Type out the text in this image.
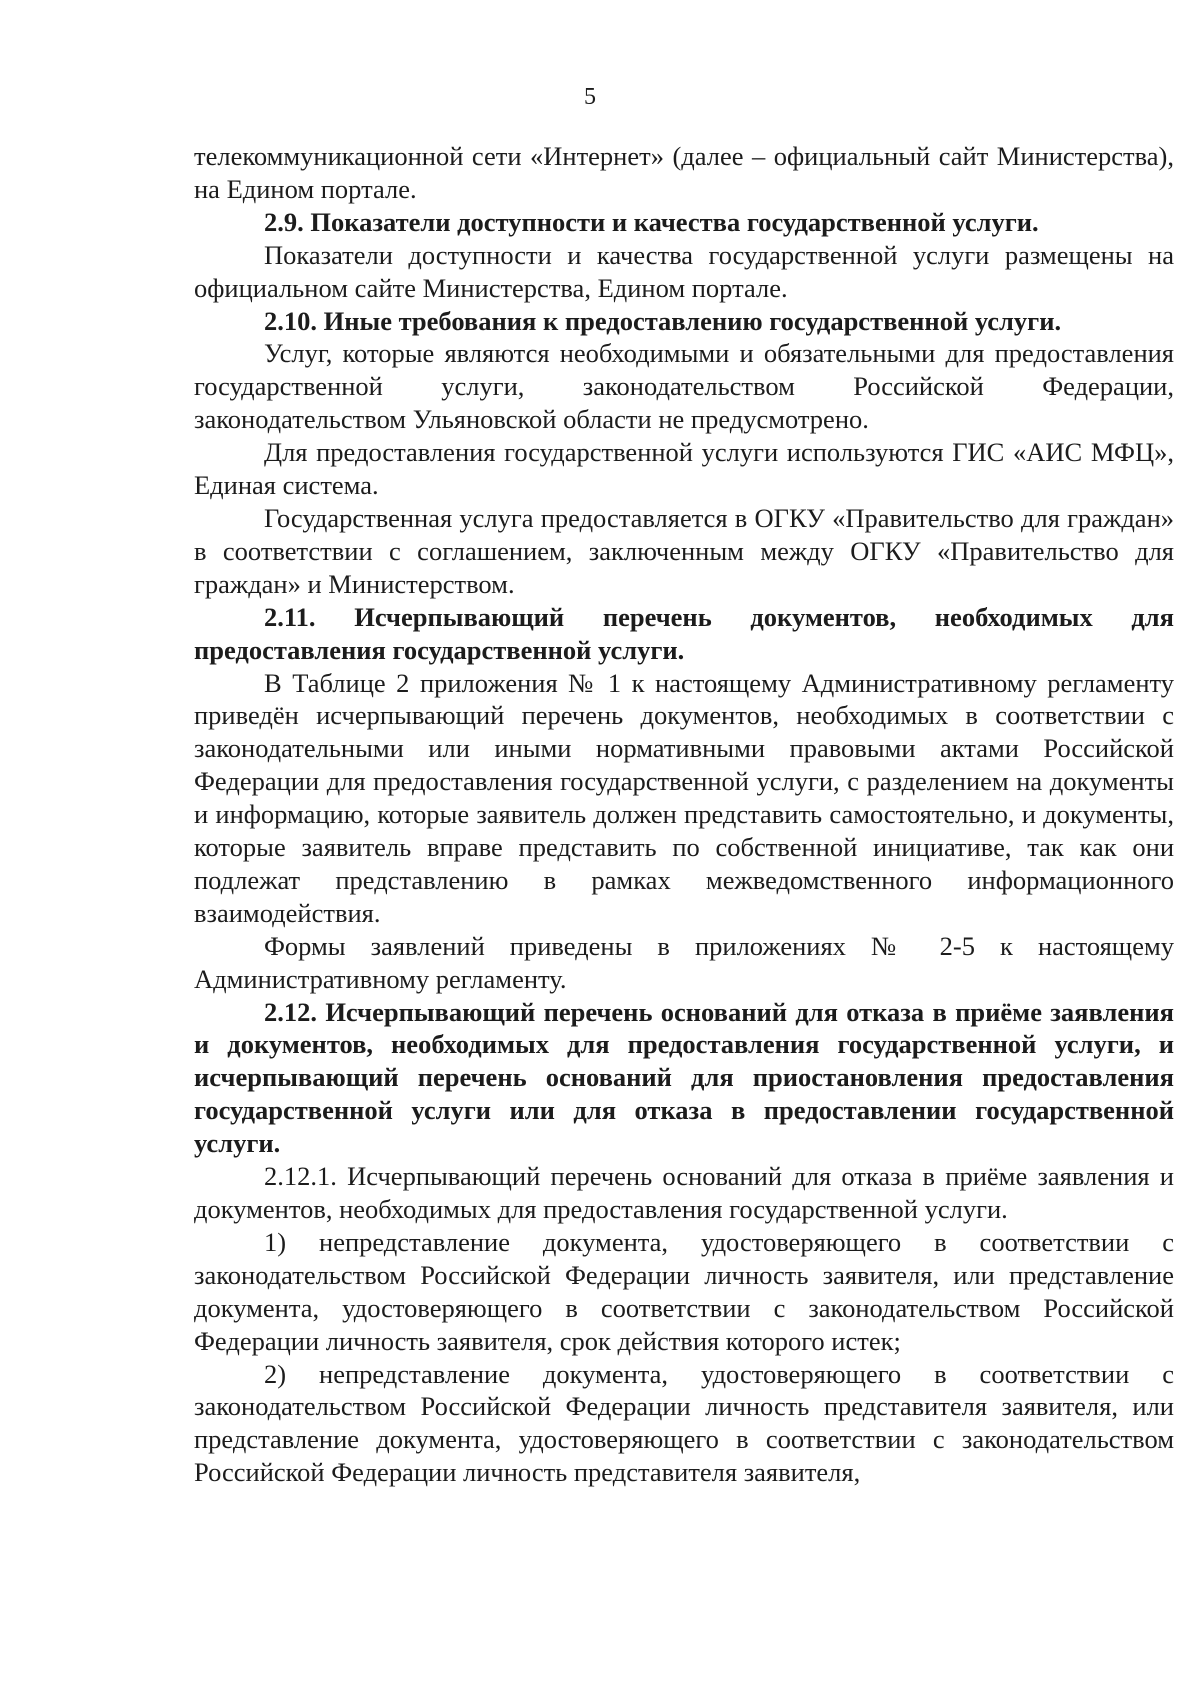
5

телекоммуникационной сети «Интернет» (далее – официальный сайт Министерства), на Едином портале.

2.9. Показатели доступности и качества государственной услуги.

Показатели доступности и качества государственной услуги размещены на официальном сайте Министерства, Едином портале.

2.10. Иные требования к предоставлению государственной услуги.

Услуг, которые являются необходимыми и обязательными для предоставления государственной услуги, законодательством Российской Федерации, законодательством Ульяновской области не предусмотрено.

Для предоставления государственной услуги используются ГИС «АИС МФЦ», Единая система.

Государственная услуга предоставляется в ОГКУ «Правительство для граждан» в соответствии с соглашением, заключенным между ОГКУ «Правительство для граждан» и Министерством.

2.11. Исчерпывающий перечень документов, необходимых для предоставления государственной услуги.

В Таблице 2 приложения № 1 к настоящему Административному регламенту приведён исчерпывающий перечень документов, необходимых в соответствии с законодательными или иными нормативными правовыми актами Российской Федерации для предоставления государственной услуги, с разделением на документы и информацию, которые заявитель должен представить самостоятельно, и документы, которые заявитель вправе представить по собственной инициативе, так как они подлежат представлению в рамках межведомственного информационного взаимодействия.

Формы заявлений приведены в приложениях № 2-5 к настоящему Административному регламенту.

2.12. Исчерпывающий перечень оснований для отказа в приёме заявления и документов, необходимых для предоставления государственной услуги, и исчерпывающий перечень оснований для приостановления предоставления государственной услуги или для отказа в предоставлении государственной услуги.

2.12.1. Исчерпывающий перечень оснований для отказа в приёме заявления и документов, необходимых для предоставления государственной услуги.

1) непредставление документа, удостоверяющего в соответствии с законодательством Российской Федерации личность заявителя, или представление документа, удостоверяющего в соответствии с законодательством Российской Федерации личность заявителя, срок действия которого истек;

2) непредставление документа, удостоверяющего в соответствии с законодательством Российской Федерации личность представителя заявителя, или представление документа, удостоверяющего в соответствии с законодательством Российской Федерации личность представителя заявителя,
